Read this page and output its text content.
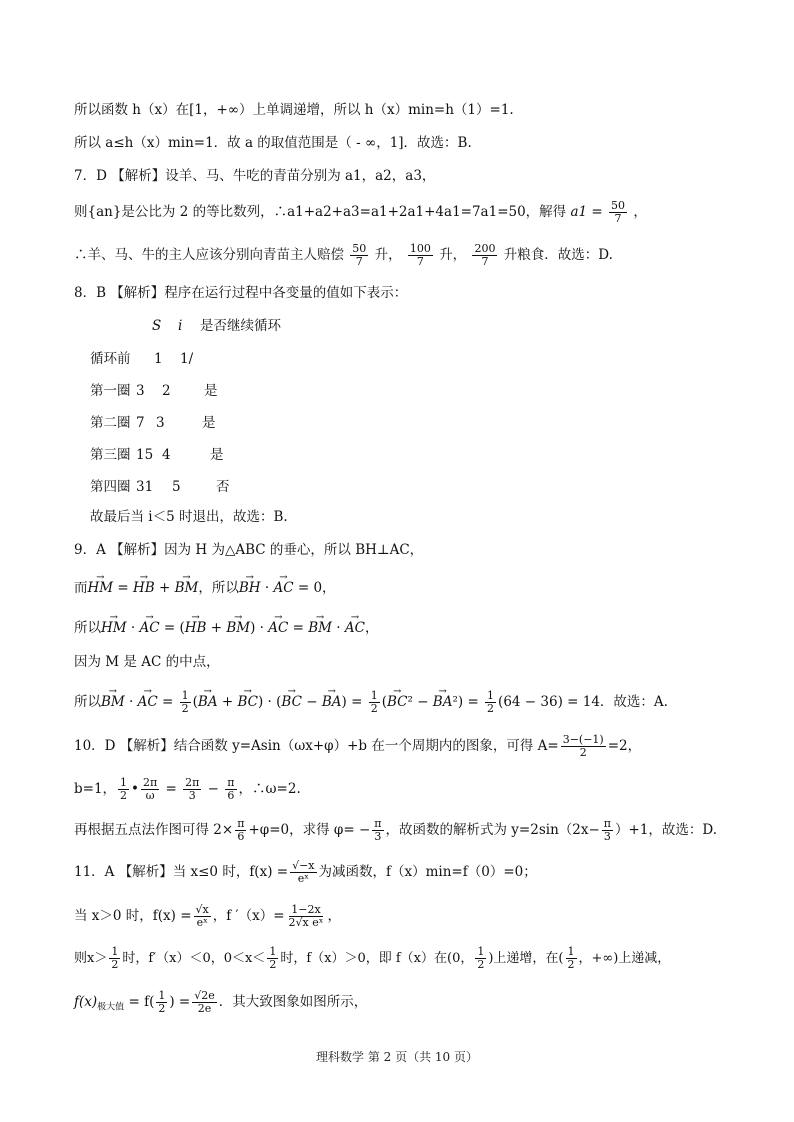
所以函数 h（x）在[1，+∞）上单调递增，所以 h（x）min=h（1）=1.
所以 a≤h（x）min=1．故 a 的取值范围是（ - ∞，1]．故选：B.
7．D 【解析】设羊、马、牛吃的青苗分别为 a1，a2，a3，
则{an}是公比为 2 的等比数列，∴a1+a2+a3=a1+2a1+4a1=7a1=50，解得 $a1 = \frac{50}{7}$ ，
∴羊、马、牛的主人应该分别向青苗主人赔偿 $\frac{50}{7}$ 升， $\frac{100}{7}$ 升， $\frac{200}{7}$ 升粮食．故选：D.
8．B 【解析】程序在运行过程中各变量的值如下表示：
S i 是否继续循环
循环前 1 1/
第一圈 3 2 是
第二圈 7 3	是
第三圈 15 4	是
第四圈 31 5	否
故最后当 i＜5 时退出，故选：B.
9．A 【解析】因为 H 为△ABC 的垂心，所以 BH⊥AC，
而→ HM = → HB + → BM，所以→ BH · → AC = 0，
所以→ HM · → AC = (→ HB + → BM) · → AC = → BM · → AC，
因为 M 是 AC 的中点，
所以→ BM · → AC = $\frac{1}{2}$ (→ BA + → BC) · (→ BC − → $BA) = \frac{1}{2}$ (→ BC² − → $BA^2) = \frac{1}{2} (64 - 36) = 14$．故选：A.
10．D 【解析】结合函数 y=Asin（ωx+φ）+b 在一个周期内的图象，可得 $A= \frac{3-(-1)}{2} =2$，
b=1， $\frac{1}{2}$ • $\frac{2\pi}{\omega} = \frac{2\pi}{3} - \frac{\pi}{6}$ ，∴ω=2.
再根据五点法作图可得 $2\times \frac{\pi}{6} +\varphi=0$，求得 $\varphi= - \frac{\pi}{3}$ ，故函数的解析式为 $y=2\sin(2x- \frac{\pi}{3} )+1$，故选：D.
11．A 【解析】当 x≤0 时，$f(x) = \frac{√-x}{\text{eˣ}}$ 为减函数，f（x）min=f（0）=0；
当 x＞0 时，$f(x) = \frac{√x}{\text{eˣ}}$ ，f $'(x)= \frac{1-2x}{\text{2√x eˣ}}$ ，
则$x> \frac{1}{2}$ 时，f′（x）＜0，$0<x< \frac{1}{2}$ 时，f（x）＞0，即 f（x）在(0， $\frac{1}{2}$ )上递增，在( $\frac{1}{2}$ ，+∞)上递减，
$f(x)_{极大值} = f( \frac{1}{2}$ ) = $\frac{√2e}{2e}$ ．其大致图象如图所示，
理科数学 第 2 页（共 10 页）
